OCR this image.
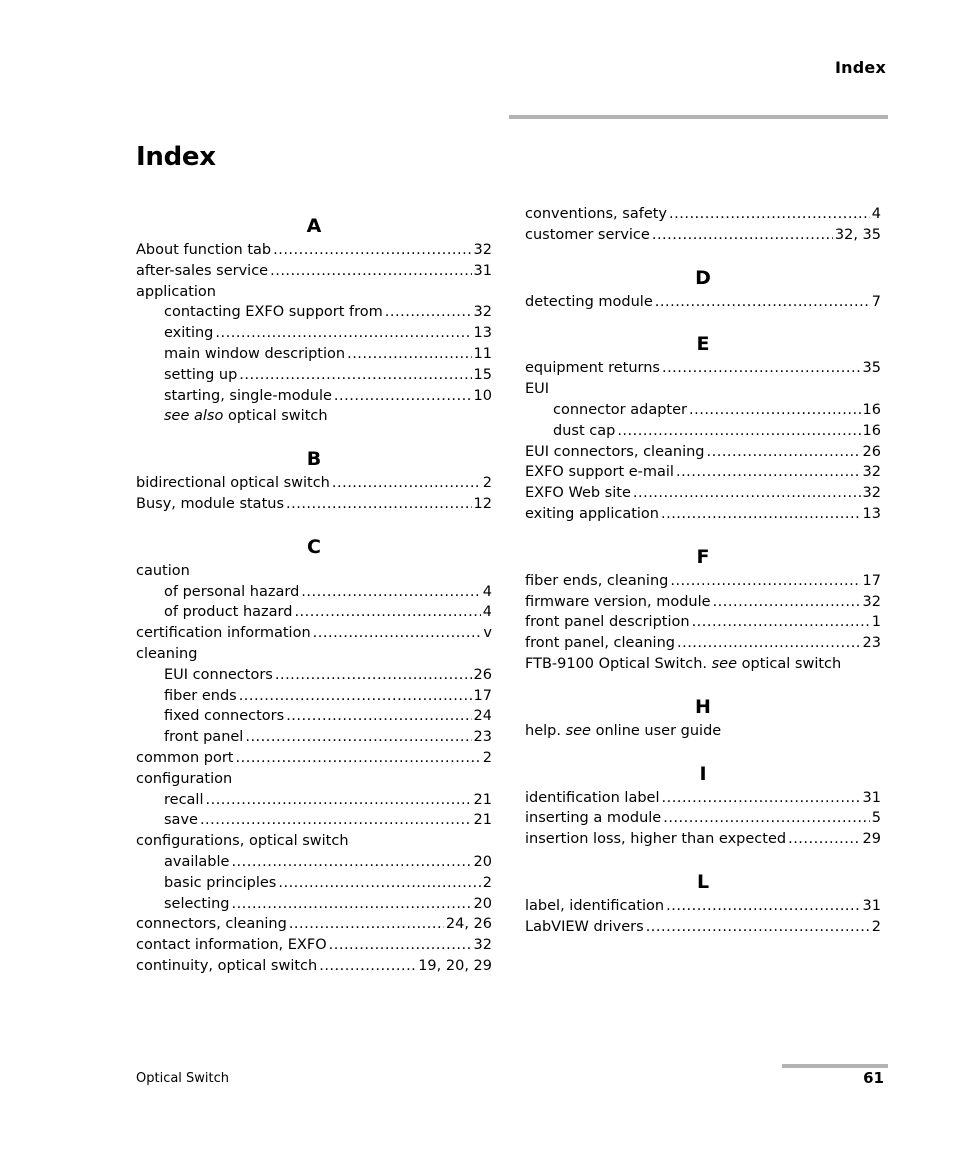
Index
Index
A
About function tab .....	32
after-sales service .....	31
application
contacting EXFO support from .....	32
exiting .....	13
main window description .....	11
setting up .....	15
starting, single-module .....	10
see also optical switch
B
bidirectional optical switch .....	2
Busy, module status .....	12
C
caution
of personal hazard .....	4
of product hazard .....	4
certification information .....	v
cleaning
EUI connectors .....	26
fiber ends .....	17
fixed connectors .....	24
front panel .....	23
common port .....	2
configuration
recall .....	21
save .....	21
configurations, optical switch
available .....	20
basic principles .....	2
selecting .....	20
connectors, cleaning .....	24, 26
contact information, EXFO .....	32
continuity, optical switch .....	19, 20, 29
conventions, safety .....	4
customer service .....	32, 35
D
detecting module .....	7
E
equipment returns .....	35
EUI
connector adapter .....	16
dust cap .....	16
EUI connectors, cleaning .....	26
EXFO support e-mail .....	32
EXFO Web site .....	32
exiting application .....	13
F
fiber ends, cleaning .....	17
firmware version, module .....	32
front panel description .....	1
front panel, cleaning .....	23
FTB-9100 Optical Switch. see optical switch
H
help. see online user guide
I
identification label .....	31
inserting a module .....	5
insertion loss, higher than expected .....	29
L
label, identification .....	31
LabVIEW drivers .....	2
Optical Switch	61
